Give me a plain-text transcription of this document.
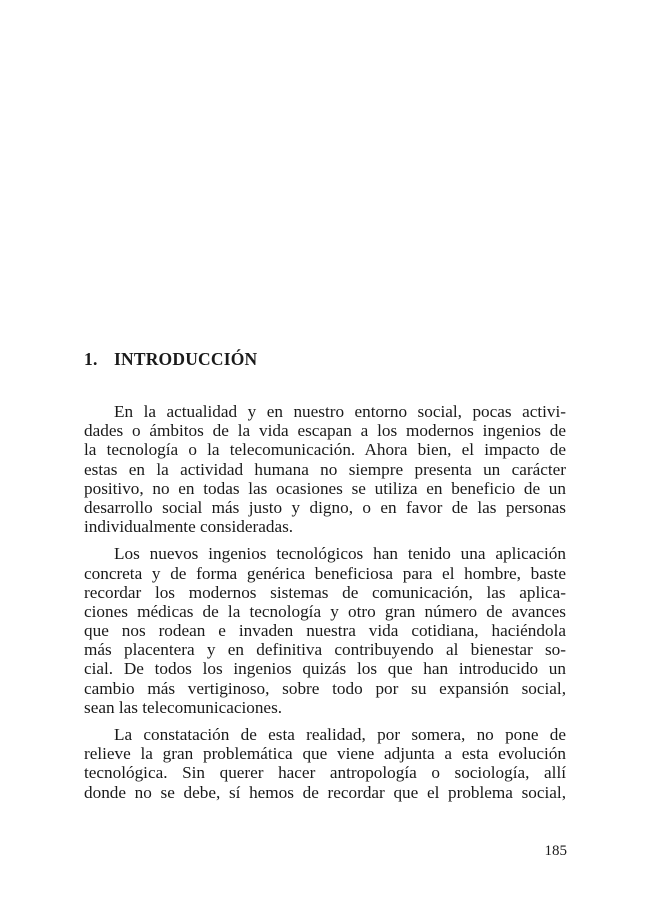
1. INTRODUCCIÓN

En la actualidad y en nuestro entorno social, pocas activi-
dades o ámbitos de la vida escapan a los modernos ingenios de
la tecnología o la telecomunicación. Ahora bien, el impacto de
estas en la actividad humana no siempre presenta un carácter
positivo, no en todas las ocasiones se utiliza en beneficio de un
desarrollo social más justo y digno, o en favor de las personas
individualmente consideradas.

Los nuevos ingenios tecnológicos han tenido una aplicación
concreta y de forma genérica beneficiosa para el hombre, baste
recordar los modernos sistemas de comunicación, las aplica-
ciones médicas de la tecnología y otro gran número de avances
que nos rodean e invaden nuestra vida cotidiana, haciéndola
más placentera y en definitiva contribuyendo al bienestar so-
cial. De todos los ingenios quizás los que han introducido un
cambio más vertiginoso, sobre todo por su expansión social,
sean las telecomunicaciones.

La constatación de esta realidad, por somera, no pone de
relieve la gran problemática que viene adjunta a esta evolución
tecnológica. Sin querer hacer antropología o sociología, allí
donde no se debe, sí hemos de recordar que el problema social,

185
